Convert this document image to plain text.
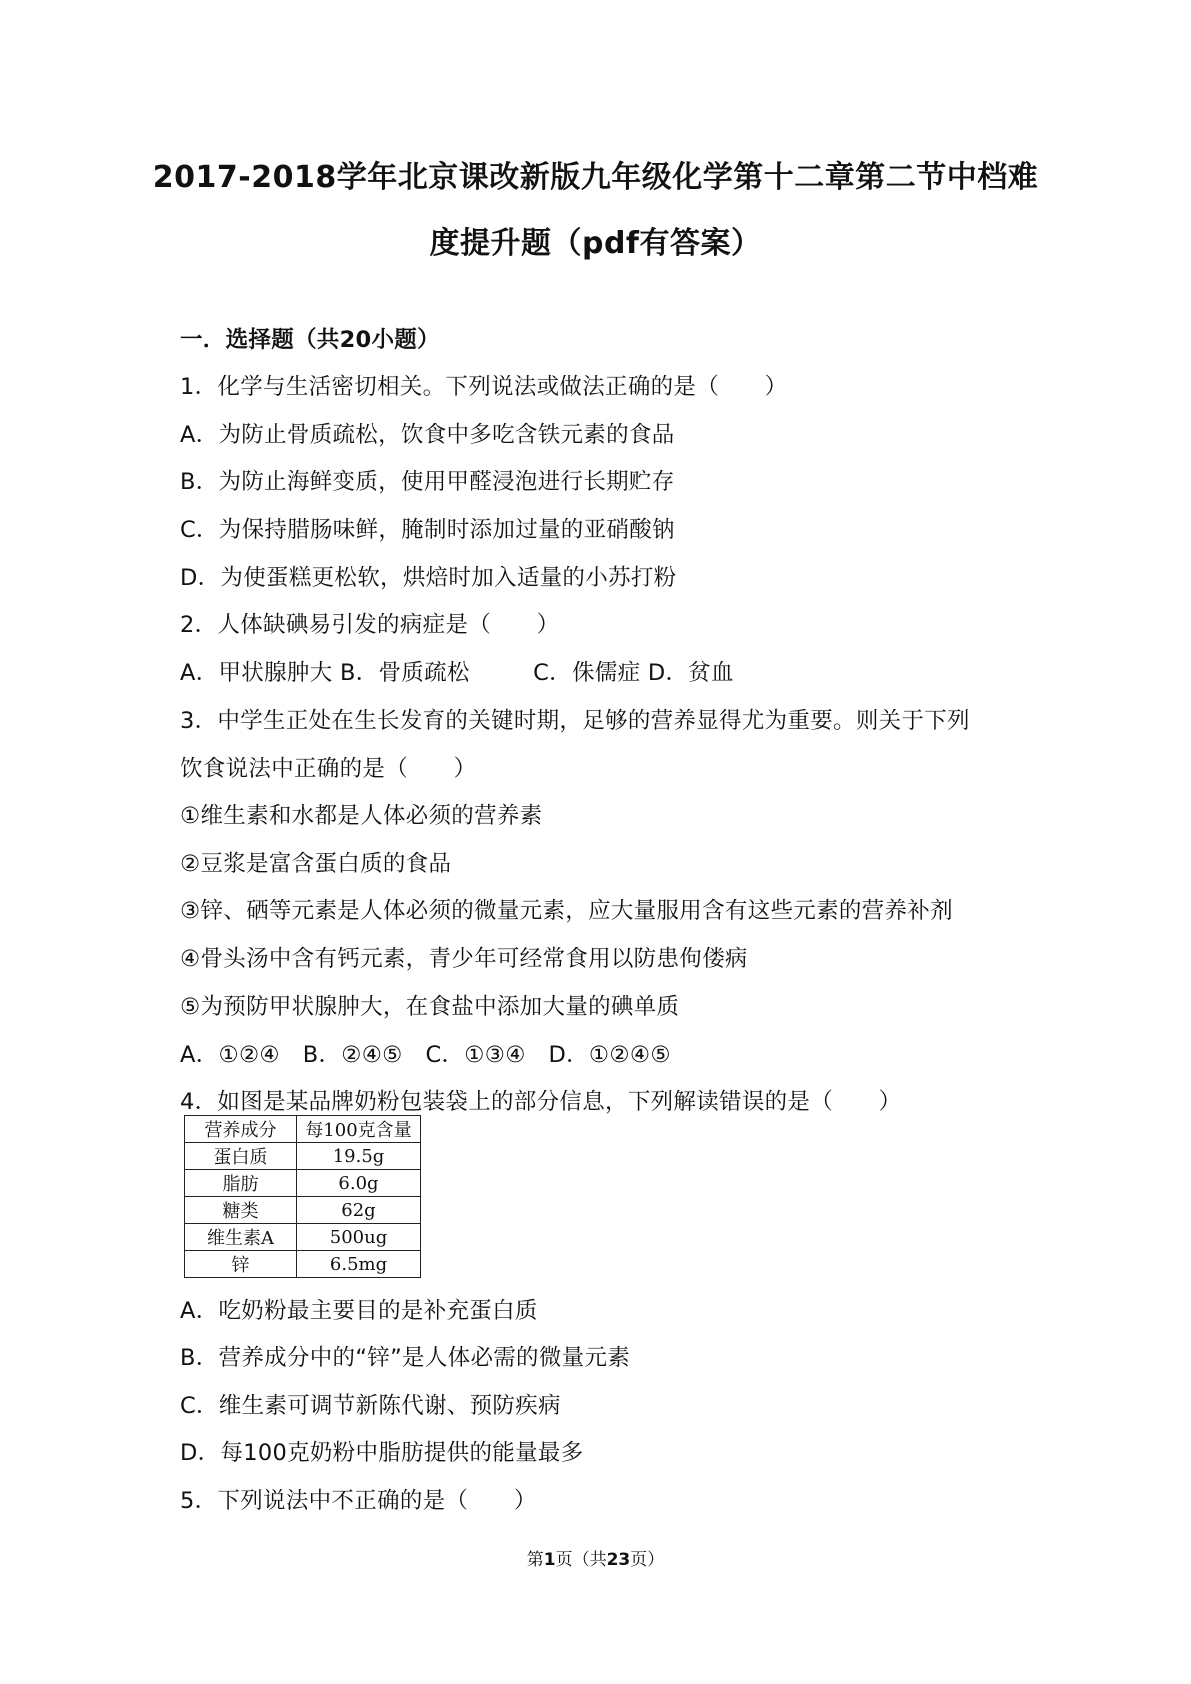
2017-2018学年北京课改新版九年级化学第十二章第二节中档难
度提升题（pdf有答案）
一．选择题（共20小题）
1．化学与生活密切相关。下列说法或做法正确的是（　　）
A．为防止骨质疏松，饮食中多吃含铁元素的食品
B．为防止海鲜变质，使用甲醛浸泡进行长期贮存
C．为保持腊肠味鲜，腌制时添加过量的亚硝酸钠
D．为使蛋糕更松软，烘焙时加入适量的小苏打粉
2．人体缺碘易引发的病症是（　　）
A．甲状腺肿大 B．骨质疏松	C．侏儒症 D．贫血
3．中学生正处在生长发育的关键时期，足够的营养显得尤为重要。则关于下列
饮食说法中正确的是（　　）
①维生素和水都是人体必须的营养素
②豆浆是富含蛋白质的食品
③锌、硒等元素是人体必须的微量元素，应大量服用含有这些元素的营养补剂
④骨头汤中含有钙元素，青少年可经常食用以防患佝偻病
⑤为预防甲状腺肿大，在食盐中添加大量的碘单质
A．①②④　B．②④⑤　C．①③④　D．①②④⑤
4．如图是某品牌奶粉包装袋上的部分信息，下列解读错误的是（　　）
营养成分	每100克含量
蛋白质	19.5g
脂肪	6.0g
糖类	62g
维生素A	500ug
锌	6.5mg
A．吃奶粉最主要目的是补充蛋白质
B．营养成分中的“锌”是人体必需的微量元素
C．维生素可调节新陈代谢、预防疾病
D．每100克奶粉中脂肪提供的能量最多
5．下列说法中不正确的是（　　）
第1页（共23页）
